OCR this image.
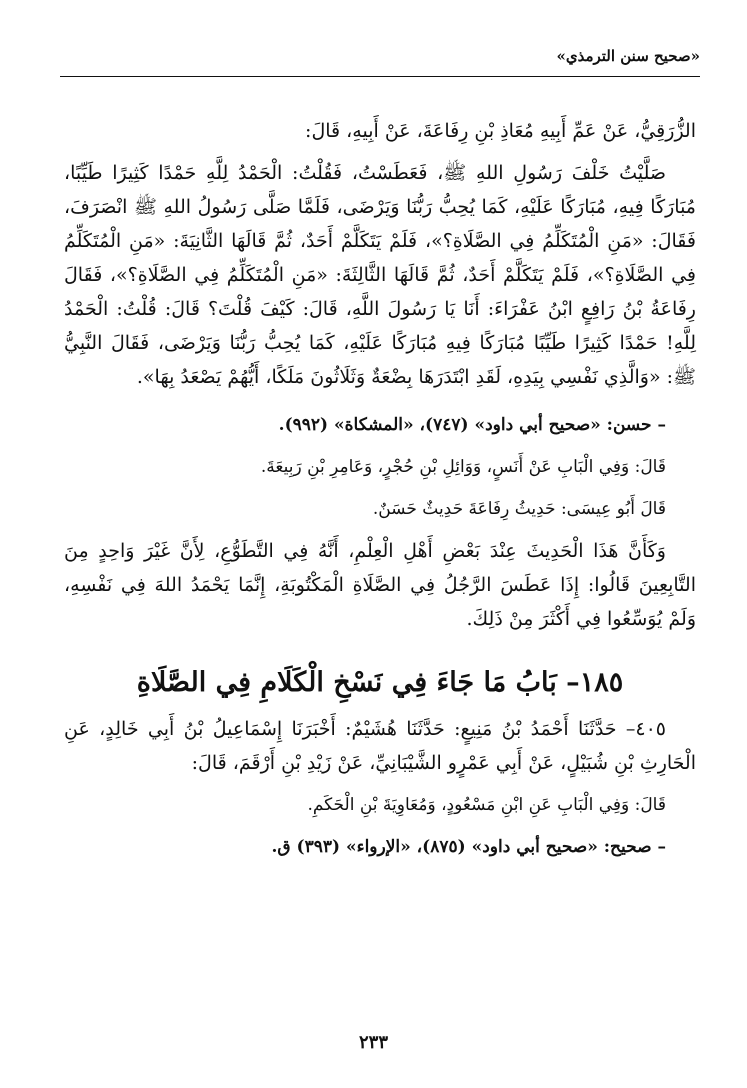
«صحيح سنن الترمذي»

الزُّرَقِيُّ، عَنْ عَمِّ أَبِيهِ مُعَاذِ بْنِ رِفَاعَةَ، عَنْ أَبِيهِ، قَالَ:

صَلَّيْتُ خَلْفَ رَسُولِ اللهِ ﷺ، فَعَطَسْتُ، فَقُلْتُ: الْحَمْدُ لِلَّهِ حَمْدًا كَثِيرًا طَيِّبًا، مُبَارَكًا فِيهِ، مُبَارَكًا عَلَيْهِ، كَمَا يُحِبُّ رَبُّنَا وَيَرْضَى، فَلَمَّا صَلَّى رَسُولُ اللهِ ﷺ انْصَرَفَ، فَقَالَ: «مَنِ الْمُتَكَلِّمُ فِي الصَّلَاةِ؟»، فَلَمْ يَتَكَلَّمْ أَحَدٌ، ثُمَّ قَالَهَا الثَّانِيَةَ: «مَنِ الْمُتَكَلِّمُ فِي الصَّلَاةِ؟»، فَلَمْ يَتَكَلَّمْ أَحَدٌ، ثُمَّ قَالَهَا الثَّالِثَةَ: «مَنِ الْمُتَكَلِّمُ فِي الصَّلَاةِ؟»، فَقَالَ رِفَاعَةُ بْنُ رَافِعٍ ابْنُ عَفْرَاءَ: أَنَا يَا رَسُولَ اللَّهِ، قَالَ: كَيْفَ قُلْتَ؟ قَالَ: قُلْتُ: الْحَمْدُ لِلَّهِ! حَمْدًا كَثِيرًا طَيِّبًا مُبَارَكًا فِيهِ مُبَارَكًا عَلَيْهِ، كَمَا يُحِبُّ رَبُّنَا وَيَرْضَى، فَقَالَ النَّبِيُّ ﷺ: «وَالَّذِي نَفْسِي بِيَدِهِ، لَقَدِ ابْتَدَرَهَا بِضْعَةٌ وَثَلَاثُونَ مَلَكًا، أَيُّهُمْ يَصْعَدُ بِهَا».

– حسن: «صحيح أبي داود» (٧٤٧)، «المشكاة» (٩٩٢).

قَالَ: وَفِي الْبَابِ عَنْ أَنَسٍ، وَوَائِلِ بْنِ حُجْرٍ، وَعَامِرِ بْنِ رَبِيعَةَ.

قَالَ أَبُو عِيسَى: حَدِيثُ رِفَاعَةَ حَدِيثٌ حَسَنٌ.

وَكَأَنَّ هَذَا الْحَدِيثَ عِنْدَ بَعْضِ أَهْلِ الْعِلْمِ، أَنَّهُ فِي التَّطَوُّعِ، لِأَنَّ غَيْرَ وَاحِدٍ مِنَ التَّابِعِينَ قَالُوا: إِذَا عَطَسَ الرَّجُلُ فِي الصَّلَاةِ الْمَكْتُوبَةِ، إِنَّمَا يَحْمَدُ اللهَ فِي نَفْسِهِ، وَلَمْ يُوَسِّعُوا فِي أَكْثَرَ مِنْ ذَلِكَ.

١٨٥– بَابُ مَا جَاءَ فِي نَسْخِ الْكَلَامِ فِي الصَّلَاةِ

٤٠٥– حَدَّثَنَا أَحْمَدُ بْنُ مَنِيعٍ: حَدَّثَنَا هُشَيْمٌ: أَخْبَرَنَا إِسْمَاعِيلُ بْنُ أَبِي خَالِدٍ، عَنِ الْحَارِثِ بْنِ شُبَيْلٍ، عَنْ أَبِي عَمْرٍو الشَّيْبَانِيِّ، عَنْ زَيْدِ بْنِ أَرْقَمَ، قَالَ:

قَالَ: وَفِي الْبَابِ عَنِ ابْنِ مَسْعُودٍ، وَمُعَاوِيَةَ بْنِ الْحَكَمِ.

– صحيح: «صحيح أبي داود» (٨٧٥)، «الإرواء» (٣٩٣) ق.

٢٣٣
